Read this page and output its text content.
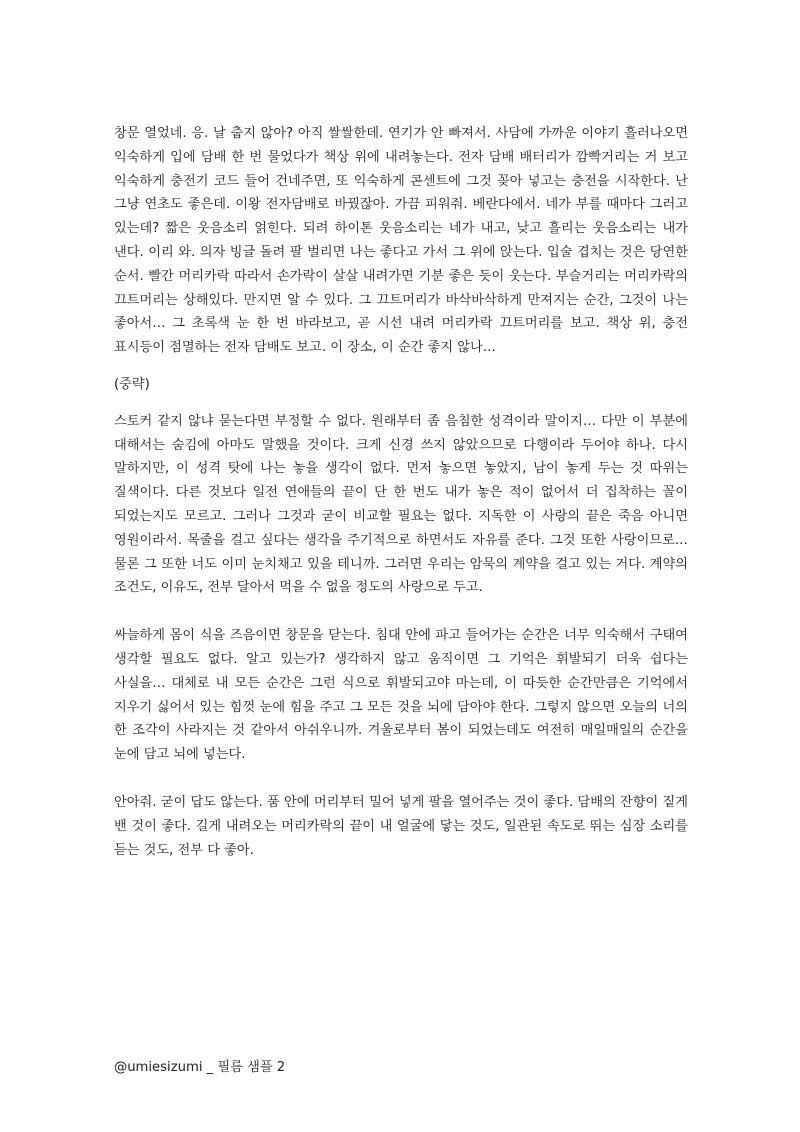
창문 열었네. 응. 날 춥지 않아? 아직 쌀쌀한데. 연기가 안 빠져서. 사담에 가까운 이야기 흘러나오면 익숙하게 입에 담배 한 번 물었다가 책상 위에 내려놓는다. 전자 담배 배터리가 깜빡거리는 거 보고 익숙하게 충전기 코드 들어 건네주면, 또 익숙하게 콘센트에 그것 꽂아 넣고는 충전을 시작한다. 난 그냥 연초도 좋은데. 이왕 전자담배로 바꿨잖아. 가끔 피워줘. 베란다에서. 네가 부를 때마다 그러고 있는데? 짧은 웃음소리 얽힌다. 되려 하이톤 웃음소리는 네가 내고, 낮고 흘리는 웃음소리는 내가 낸다. 이리 와. 의자 빙글 돌려 팔 벌리면 나는 좋다고 가서 그 위에 앉는다. 입술 겹치는 것은 당연한 순서. 빨간 머리카락 따라서 손가락이 살살 내려가면 기분 좋은 듯이 웃는다. 부슬거리는 머리카락의 끄트머리는 상해있다. 만지면 알 수 있다. 그 끄트머리가 바삭바삭하게 만져지는 순간, 그것이 나는 좋아서… 그 초록색 눈 한 번 바라보고, 곧 시선 내려 머리카락 끄트머리를 보고. 책상 위, 충전 표시등이 점멸하는 전자 담배도 보고. 이 장소, 이 순간 좋지 않나…

(중략)

스토커 같지 않냐 묻는다면 부정할 수 없다. 원래부터 좀 음침한 성격이라 말이지… 다만 이 부분에 대해서는 숨김에 아마도 말했을 것이다. 크게 신경 쓰지 않았으므로 다행이라 두어야 하나. 다시 말하지만, 이 성격 탓에 나는 놓을 생각이 없다. 먼저 놓으면 놓았지, 남이 놓게 두는 것 따위는 질색이다. 다른 것보다 일전 연애들의 끝이 단 한 번도 내가 놓은 적이 없어서 더 집착하는 꼴이 되었는지도 모르고. 그러나 그것과 굳이 비교할 필요는 없다. 지독한 이 사랑의 끝은 죽음 아니면 영원이라서. 목줄을 걸고 싶다는 생각을 주기적으로 하면서도 자유를 준다. 그것 또한 사랑이므로… 물론 그 또한 너도 이미 눈치채고 있을 테니까. 그러면 우리는 암묵의 계약을 걸고 있는 거다. 계약의 조건도, 이유도, 전부 달아서 먹을 수 없을 정도의 사랑으로 두고.

싸늘하게 몸이 식을 즈음이면 창문을 닫는다. 침대 안에 파고 들어가는 순간은 너무 익숙해서 구태여 생각할 필요도 없다. 알고 있는가? 생각하지 않고 움직이면 그 기억은 휘발되기 더욱 쉽다는 사실을… 대체로 내 모든 순간은 그런 식으로 휘발되고야 마는데, 이 따듯한 순간만큼은 기억에서 지우기 싫어서 있는 힘껏 눈에 힘을 주고 그 모든 것을 뇌에 담아야 한다. 그렇지 않으면 오늘의 너의 한 조각이 사라지는 것 같아서 아쉬우니까. 겨울로부터 봄이 되었는데도 여전히 매일매일의 순간을 눈에 담고 뇌에 넣는다.

안아줘. 굳이 답도 않는다. 품 안에 머리부터 밀어 넣게 팔을 열어주는 것이 좋다. 담배의 잔향이 짙게 밴 것이 좋다. 길게 내려오는 머리카락의 끝이 내 얼굴에 닿는 것도, 일관된 속도로 뛰는 심장 소리를 듣는 것도, 전부 다 좋아.

@umiesizumi _ 필름 샘플 2
